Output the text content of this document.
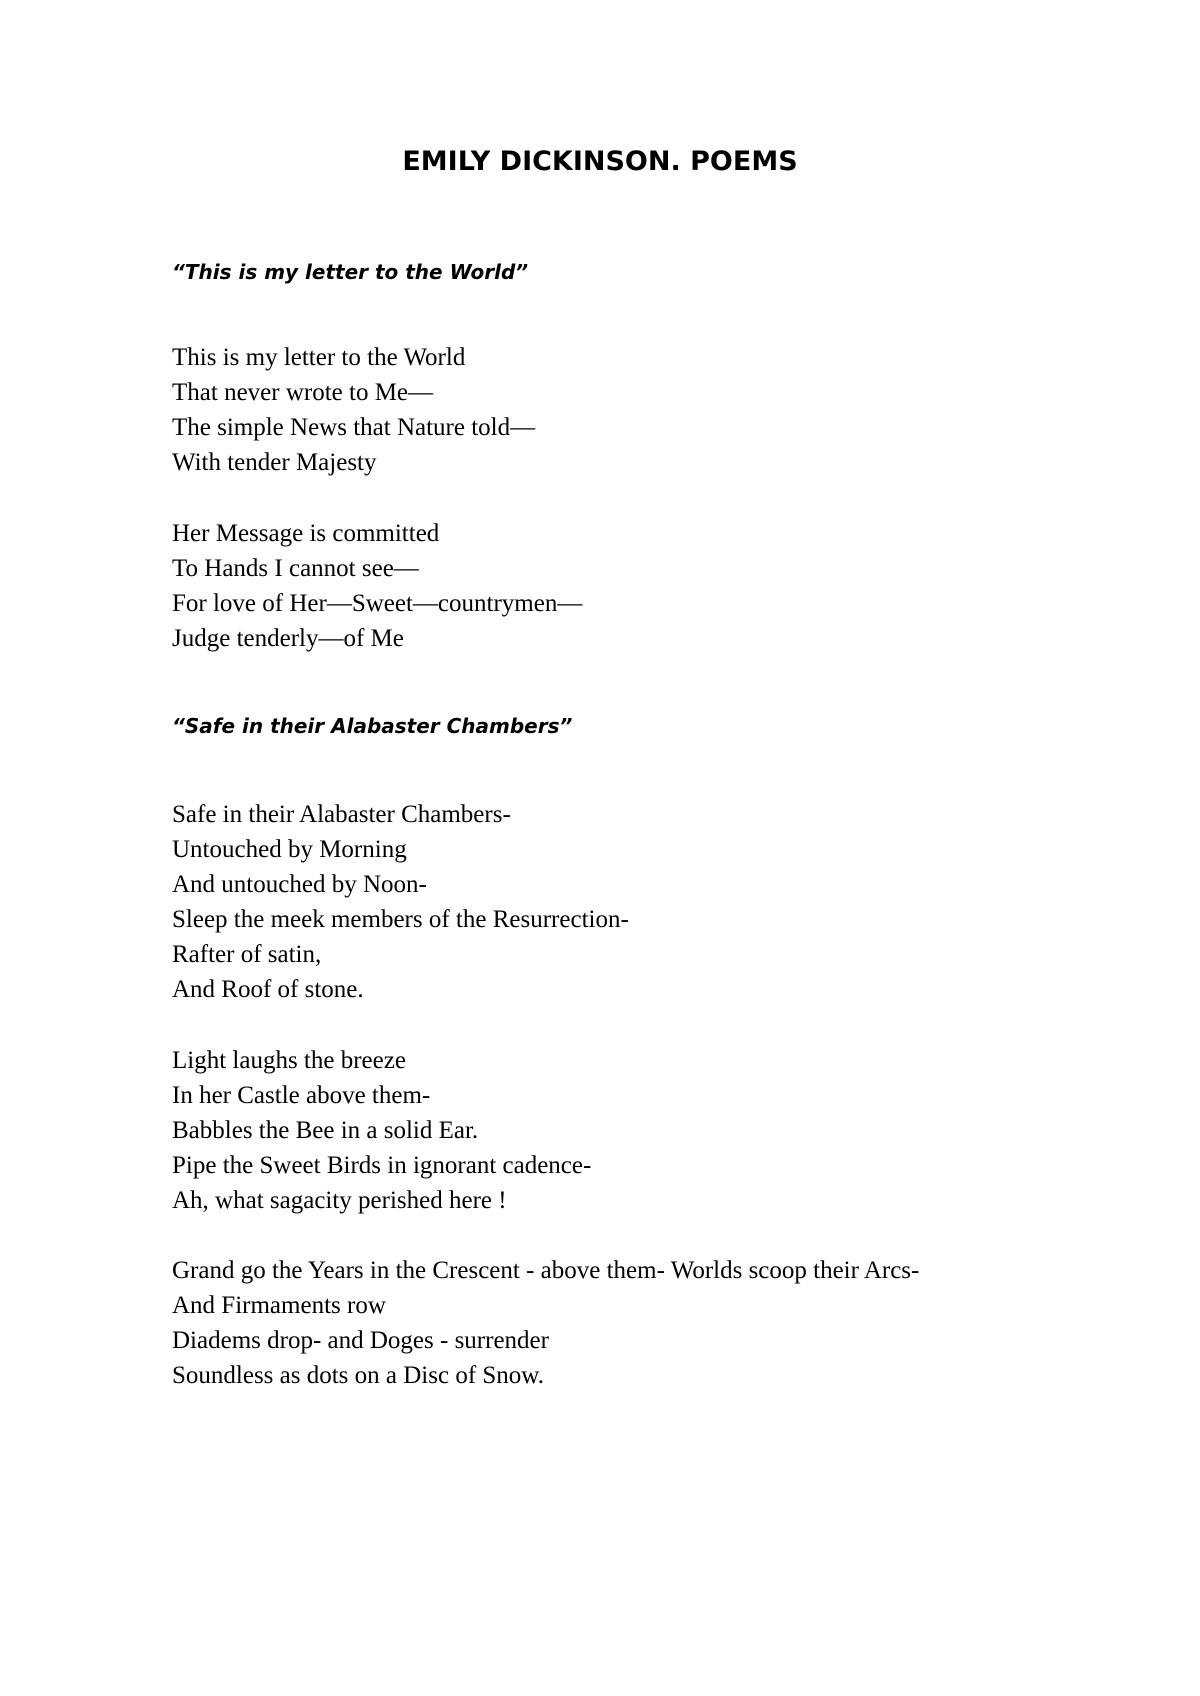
EMILY DICKINSON. POEMS
“This is my letter to the World”
This is my letter to the World
That never wrote to Me—
The simple News that Nature told—
With tender Majesty
Her Message is committed
To Hands I cannot see—
For love of Her—Sweet—countrymen—
Judge tenderly—of Me
“Safe in their Alabaster Chambers”
Safe in their Alabaster Chambers-
Untouched by Morning
And untouched by Noon-
Sleep the meek members of the Resurrection-
Rafter of satin,
And Roof of stone.
Light laughs the breeze
In her Castle above them-
Babbles the Bee in a solid Ear.
Pipe the Sweet Birds in ignorant cadence-
Ah, what sagacity perished here !
Grand go the Years in the Crescent - above them- Worlds scoop their Arcs-
And Firmaments row
Diadems drop- and Doges - surrender
Soundless as dots on a Disc of Snow.
